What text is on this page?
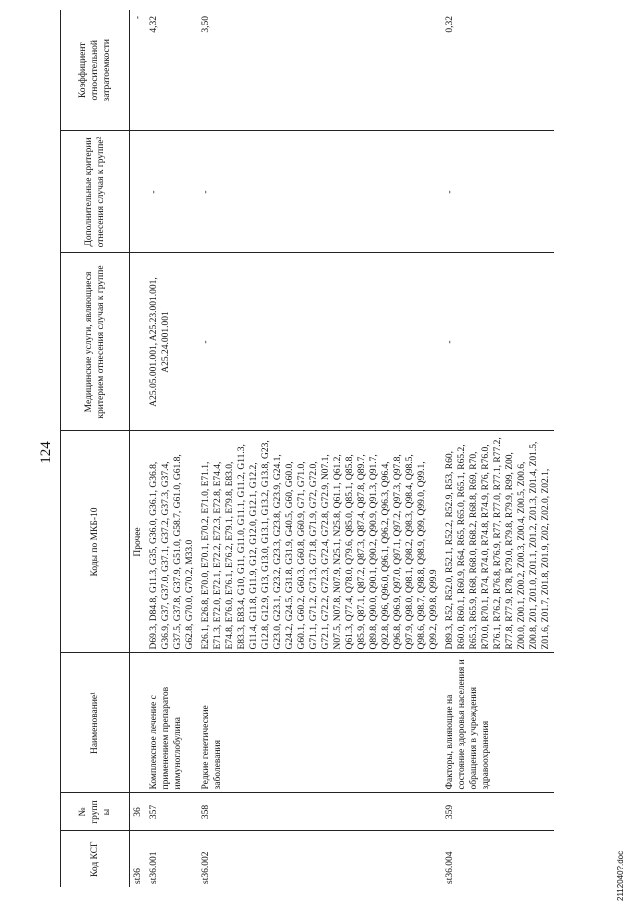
124
Код КСГ	№ группы	Наименование¹	Коды по МКБ-10	Медицинские услуги, являющиеся критерием отнесения случая к группе	Дополнительные критерии отнесения случая к группе²	Коэффициент относительной затратоемкости
st36	36		Прочее			-
st36.001	357	Комплексное лечение с применением препаратов иммуноглобулина	D69.3, D84.8, G11.3, G35, G36.0, G36.1, G36.8, G36.9, G37, G37.0, G37.1, G37.2, G37.3, G37.4, G37.5, G37.8, G37.9, G51.0, G58.7, G61.0, G61.8, G62.8, G70.0, G70.2, M33.0	A25.05.001.001, A25.23.001.001, A25.24.001.001	-	4,32
st36.002	358	Редкие генетические заболевания	E26.1, E26.8, E70.0, E70.1, E70.2, E71.0, E71.1, E71.3, E72.0, E72.1, E72.2, E72.3, E72.8, E74.4, E74.8, E76.0, E76.1, E76.2, E79.1, E79.8, E83.0, E83.3, E83.4, G10, G11, G11.0, G11.1, G11.2, G11.3, G11.4, G11.8, G11.9, G12, G12.0, G12.1, G12.2, G12.8, G12.9, G13, G13.0, G13.1, G13.2, G13.8, G23, G23.0, G23.1, G23.2, G23.3, G23.8, G23.9, G24.1, G24.2, G24.5, G31.8, G31.9, G40.5, G60, G60.0, G60.1, G60.2, G60.3, G60.8, G60.9, G71, G71.0, G71.1, G71.2, G71.3, G71.8, G71.9, G72, G72.0, G72.1, G72.2, G72.3, G72.4, G72.8, G72.9, N07.1, N07.5, N07.8, N07.9, N25.1, N25.8, Q61.1, Q61.2, Q61.3, Q77.4, Q78.0, Q79.6, Q85.0, Q85.1, Q85.8, Q85.9, Q87.1, Q87.2, Q87.3, Q87.4, Q87.8, Q89.7, Q89.8, Q90.0, Q90.1, Q90.2, Q90.9, Q91.3, Q91.7, Q92.8, Q96, Q96.0, Q96.1, Q96.2, Q96.3, Q96.4, Q96.8, Q96.9, Q97.0, Q97.1, Q97.2, Q97.3, Q97.8, Q97.9, Q98.0, Q98.1, Q98.2, Q98.3, Q98.4, Q98.5, Q98.6, Q98.7, Q98.8, Q98.9, Q99, Q99.0, Q99.1, Q99.2, Q99.8, Q99.9	-	-	3,50
st36.004	359	Факторы, влияющие на состояние здоровья населения и обращения в учреждения здравоохранения	D89.3, R52, R52.0, R52.1, R52.2, R52.9, R53, R60, R60.0, R60.1, R60.9, R64, R65, R65.0, R65.1, R65.2, R65.3, R65.9, R68, R68.0, R68.2, R68.8, R69, R70, R70.0, R70.1, R74, R74.0, R74.8, R74.9, R76, R76.0, R76.1, R76.2, R76.8, R76.9, R77, R77.0, R77.1, R77.2, R77.8, R77.9, R78, R79.0, R79.8, R79.9, R99, Z00, Z00.0, Z00.1, Z00.2, Z00.3, Z00.4, Z00.5, Z00.6, Z00.8, Z01, Z01.0, Z01.1, Z01.2, Z01.3, Z01.4, Z01.5, Z01.6, Z01.7, Z01.8, Z01.9, Z02, Z02.0, Z02.1,	-	-	0,32
2112040?.doc
